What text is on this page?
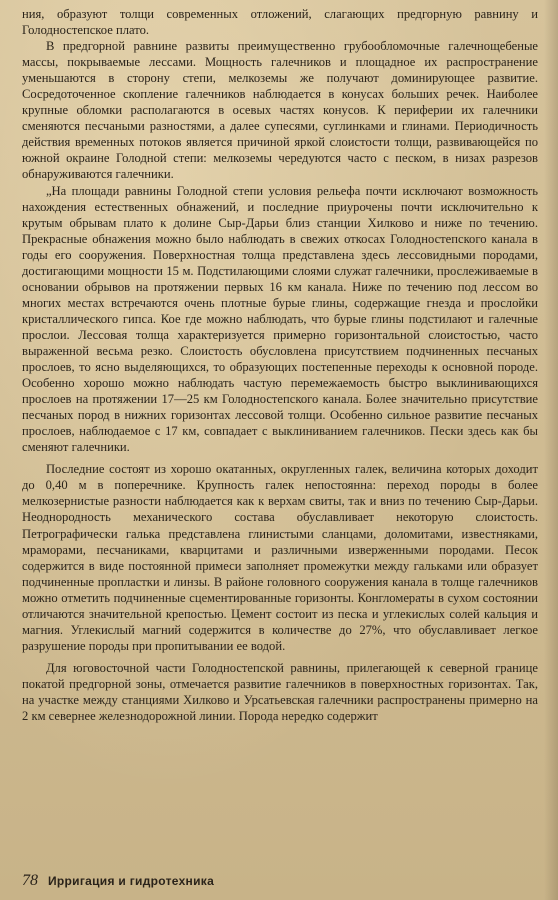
ния, образуют толщи современных отложений, слагающих предгорную равнину и Голодностепское плато.

В предгорной равнине развиты преимущественно грубообломочные галечнощебеные массы, покрываемые лессами. Мощность галечников и площадное их распространение уменьшаются в сторону степи, мелкоземы же получают доминирующее развитие. Сосредоточенное скопление галечников наблюдается в конусах больших речек. Наиболее крупные обломки располагаются в осевых частях конусов. К периферии их галечники сменяются песчаными разностями, а далее супесями, суглинками и глинами. Периодичность действия временных потоков является причиной яркой слоистости толщи, развивающейся по южной окраине Голодной степи: мелкоземы чередуются часто с песком, в низах разрезов обнаруживаются галечники.

„На площади равнины Голодной степи условия рельефа почти исключают возможность нахождения естественных обнажений, и последние приурочены почти исключительно к крутым обрывам плато к долине Сыр-Дарьи близ станции Хилково и ниже по течению. Прекрасные обнажения можно было наблюдать в свежих откосах Голодностепского канала в годы его сооружения. Поверхностная толща представлена здесь лессовидными породами, достигающими мощности 15 м. Подстилающими слоями служат галечники, прослеживаемые в основании обрывов на протяжении первых 16 км канала. Ниже по течению под лессом во многих местах встречаются очень плотные бурые глины, содержащие гнезда и прослойки кристаллического гипса. Кое где можно наблюдать, что бурые глины подстилают и галечные прослои. Лессовая толща характеризуется примерно горизонтальной слоистостью, часто выраженной весьма резко. Слоистость обусловлена присутствием подчиненных песчаных прослоев, то ясно выделяющихся, то образующих постепенные переходы к основной породе. Особенно хорошо можно наблюдать частую перемежаемость быстро выклинивающихся прослоев на протяжении 17—25 км Голодностепского канала. Более значительно присутствие песчаных пород в нижних горизонтах лессовой толщи. Особенно сильное развитие песчаных прослоев, наблюдаемое с 17 км, совпадает с выклиниванием галечников. Пески здесь как бы сменяют галечники.

Последние состоят из хорошо окатанных, округленных галек, величина которых доходит до 0,40 м в поперечнике. Крупность галек непостоянна: переход породы в более мелкозернистые разности наблюдается как к верхам свиты, так и вниз по течению Сыр-Дарьи. Неоднородность механического состава обуславливает некоторую слоистость. Петрографически галька представлена глинистыми сланцами, доломитами, известняками, мраморами, песчаниками, кварцитами и различными изверженными породами. Песок содержится в виде постоянной примеси заполняет промежутки между гальками или образует подчиненные пропластки и линзы. В районе головного сооружения канала в толще галечников можно отметить подчиненные сцементированные горизонты. Конгломераты в сухом состоянии отличаются значительной крепостью. Цемент состоит из песка и углекислых солей кальция и магния. Углекислый магний содержится в количестве до 27%, что обуславливает легкое разрушение породы при пропитывании ее водой.

Для юговосточной части Голодностепской равнины, прилегающей к северной границе покатой предгорной зоны, отмечается развитие галечников в поверхностных горизонтах. Так, на участке между станциями Хилково и Урсатьевская галечники распространены примерно на 2 км севернее железнодорожной линии. Порода нередко содержит

78 Ирригация и гидротехника
